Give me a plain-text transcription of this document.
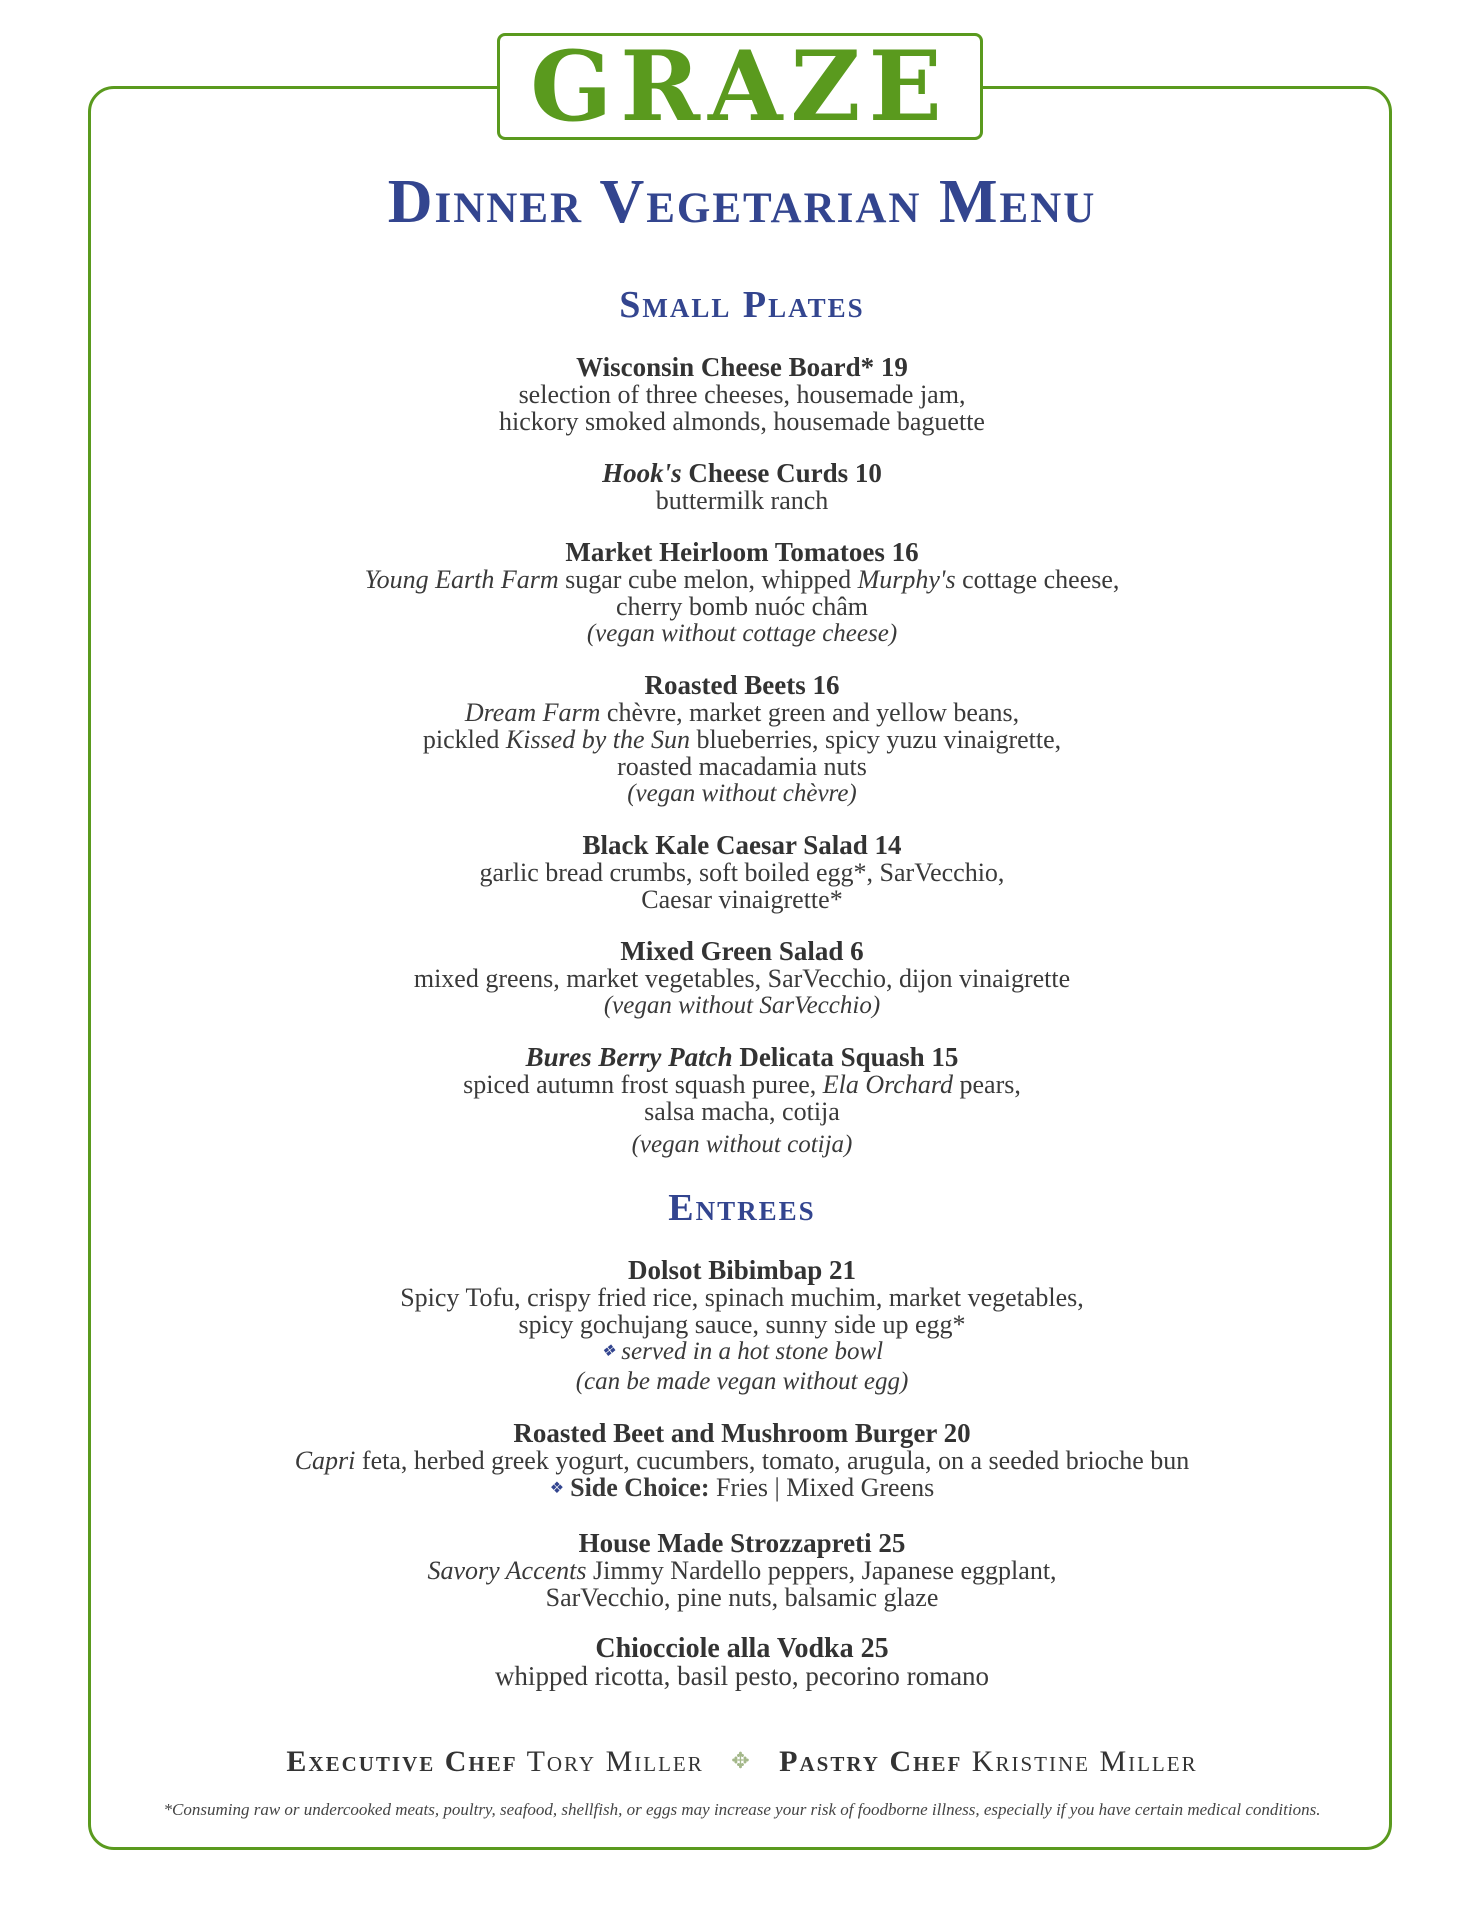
GRAZE
Dinner Vegetarian Menu
Small Plates
Wisconsin Cheese Board* 19
selection of three cheeses, housemade jam,
hickory smoked almonds, housemade baguette
Hook's Cheese Curds 10
buttermilk ranch
Market Heirloom Tomatoes 16
Young Earth Farm sugar cube melon, whipped Murphy's cottage cheese,
cherry bomb nuóc châm
(vegan without cottage cheese)
Roasted Beets 16
Dream Farm chèvre, market green and yellow beans,
pickled Kissed by the Sun blueberries, spicy yuzu vinaigrette,
roasted macadamia nuts
(vegan without chèvre)
Black Kale Caesar Salad 14
garlic bread crumbs, soft boiled egg*, SarVecchio,
Caesar vinaigrette*
Mixed Green Salad 6
mixed greens, market vegetables, SarVecchio, dijon vinaigrette
(vegan without SarVecchio)
Bures Berry Patch Delicata Squash 15
spiced autumn frost squash puree, Ela Orchard pears,
salsa macha, cotija
(vegan without cotija)
Entrees
Dolsot Bibimbap 21
Spicy Tofu, crispy fried rice, spinach muchim, market vegetables,
spicy gochujang sauce, sunny side up egg*
❖ served in a hot stone bowl
(can be made vegan without egg)
Roasted Beet and Mushroom Burger 20
Capri feta, herbed greek yogurt, cucumbers, tomato, arugula, on a seeded brioche bun
❖ Side Choice: Fries | Mixed Greens
House Made Strozzapreti 25
Savory Accents Jimmy Nardello peppers, Japanese eggplant,
SarVecchio, pine nuts, balsamic glaze
Chiocciole alla Vodka 25
whipped ricotta, basil pesto, pecorino romano
Executive Chef Tory Miller ✥ Pastry Chef Kristine Miller
*Consuming raw or undercooked meats, poultry, seafood, shellfish, or eggs may increase your risk of foodborne illness, especially if you have certain medical conditions.
